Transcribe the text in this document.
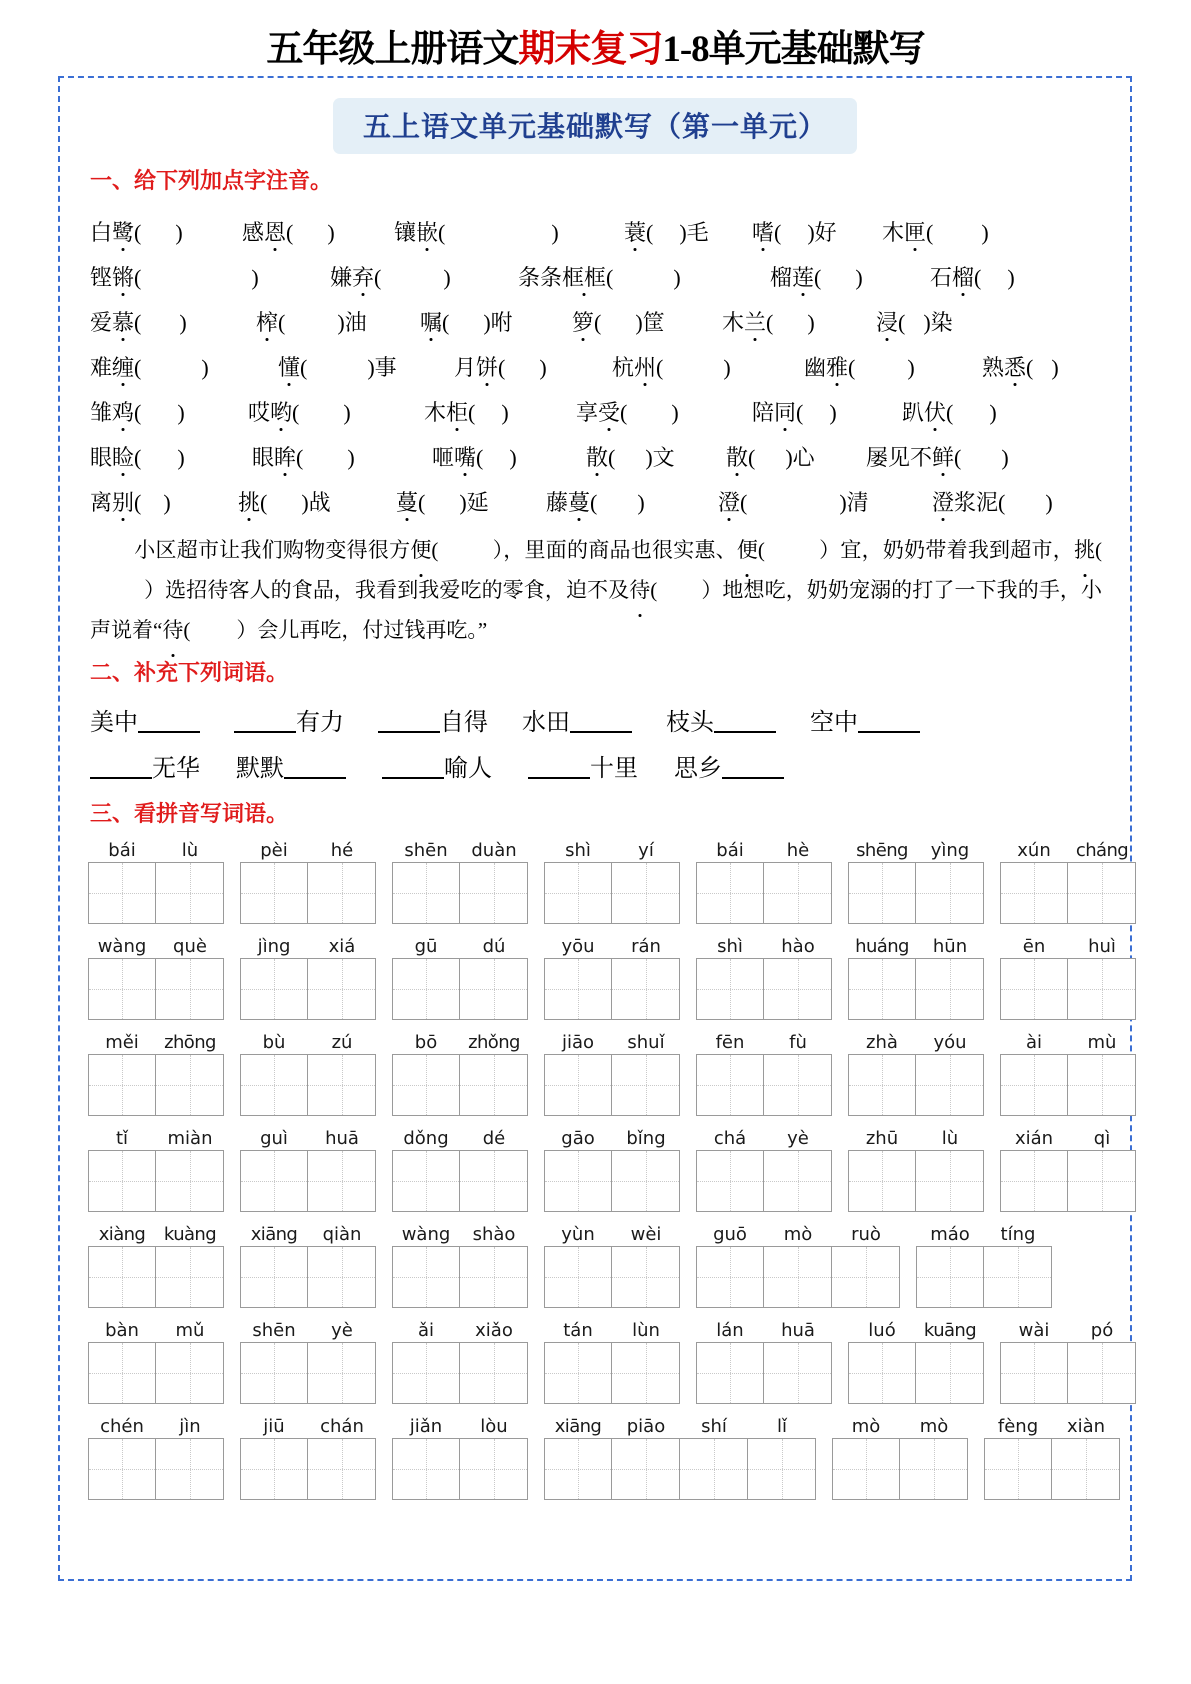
五年级上册语文期末复习1-8单元基础默写
五上语文单元基础默写（第一单元）
一、给下列加点字注音。
白鹭( )	感恩( )	镶嵌(	)	蓑( )毛	嗜( )好	木匣( )
铿锵(	)	嫌弃(	)	条条框框(	)	榴莲( )	石榴( )
爱慕( )	榨( )油	嘱( )咐	箩( )筐	木兰( )	浸( )染
难缠(	)	懂(	)事	月饼( )	杭州(	)	幽雅( )	熟悉( )
雏鸡( )	哎哟( )	木柜( )	享受( )	陪同( )	趴伏( )
眼睑( )	眼眸( )	咂嘴( )	散( )文	散( )心	屡见不鲜( )
离别( )	挑( )战	蔓( )延	藤蔓( )	澄(	)清	澄浆泥( )
小区超市让我们购物变得很方便(	），里面的商品也很实惠、便(	）宜，奶奶带着我到超市，挑(）选招待客人的食品，我看到我爱吃的零食，迫不及待( ）地想吃，奶奶宠溺的打了一下我的手，小声说着“待( ）会儿再吃，付过钱再吃。”
二、补充下列词语。
美中	有力	自得 水田	枝头	空中
无华 默默	喻人	十里 思乡
三、看拼音写词语。
bái	lù	pèi	hé	shēn	duàn	shì	yí	bái	hè	shēng	yìng	xún	cháng
wàng	què	jìng	xiá	gū	dú	yōu	rán	shì	hào	huáng	hūn	ēn	huì
měi	zhōng	bù	zú	bō	zhǒng	jiāo	shuǐ	fēn	fù	zhà	yóu	ài	mù
tǐ	miàn	guì	huā	dǒng	dé	gāo	bǐng	chá	yè	zhū	lù	xián	qì
xiàng	kuàng	xiāng	qiàn	wàng	shào	yùn	wèi	guō	mò	ruò	máo	tíng
bàn	mǔ	shēn	yè	ǎi	xiǎo	tán	lùn	lán	huā	luó	kuāng	wài	pó
chén	jìn	jiū	chán	jiǎn	lòu	xiāng	piāo	shí	lǐ	mò	mò	fèng	xiàn
